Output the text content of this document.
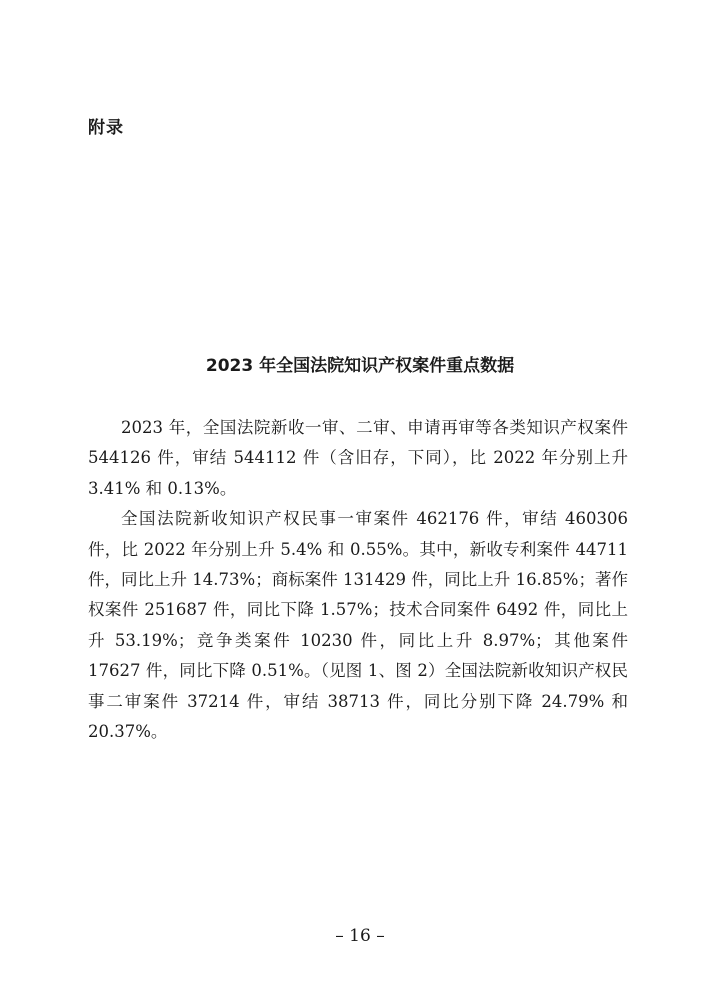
附录
2023 年全国法院知识产权案件重点数据

2023 年，全国法院新收一审、二审、申请再审等各类知识产权案件 544126 件，审结 544112 件（含旧存，下同），比 2022 年分别上升 3.41% 和 0.13%。

全国法院新收知识产权民事一审案件 462176 件，审结 460306 件，比 2022 年分别上升 5.4% 和 0.55%。其中，新收专利案件 44711 件，同比上升 14.73%；商标案件 131429 件，同比上升 16.85%；著作权案件 251687 件，同比下降 1.57%；技术合同案件 6492 件，同比上升 53.19%；竞争类案件 10230 件，同比上升 8.97%；其他案件 17627 件，同比下降 0.51%。（见图 1、图 2）全国法院新收知识产权民事二审案件 37214 件，审结 38713 件，同比分别下降 24.79% 和 20.37%。

– 16 –
